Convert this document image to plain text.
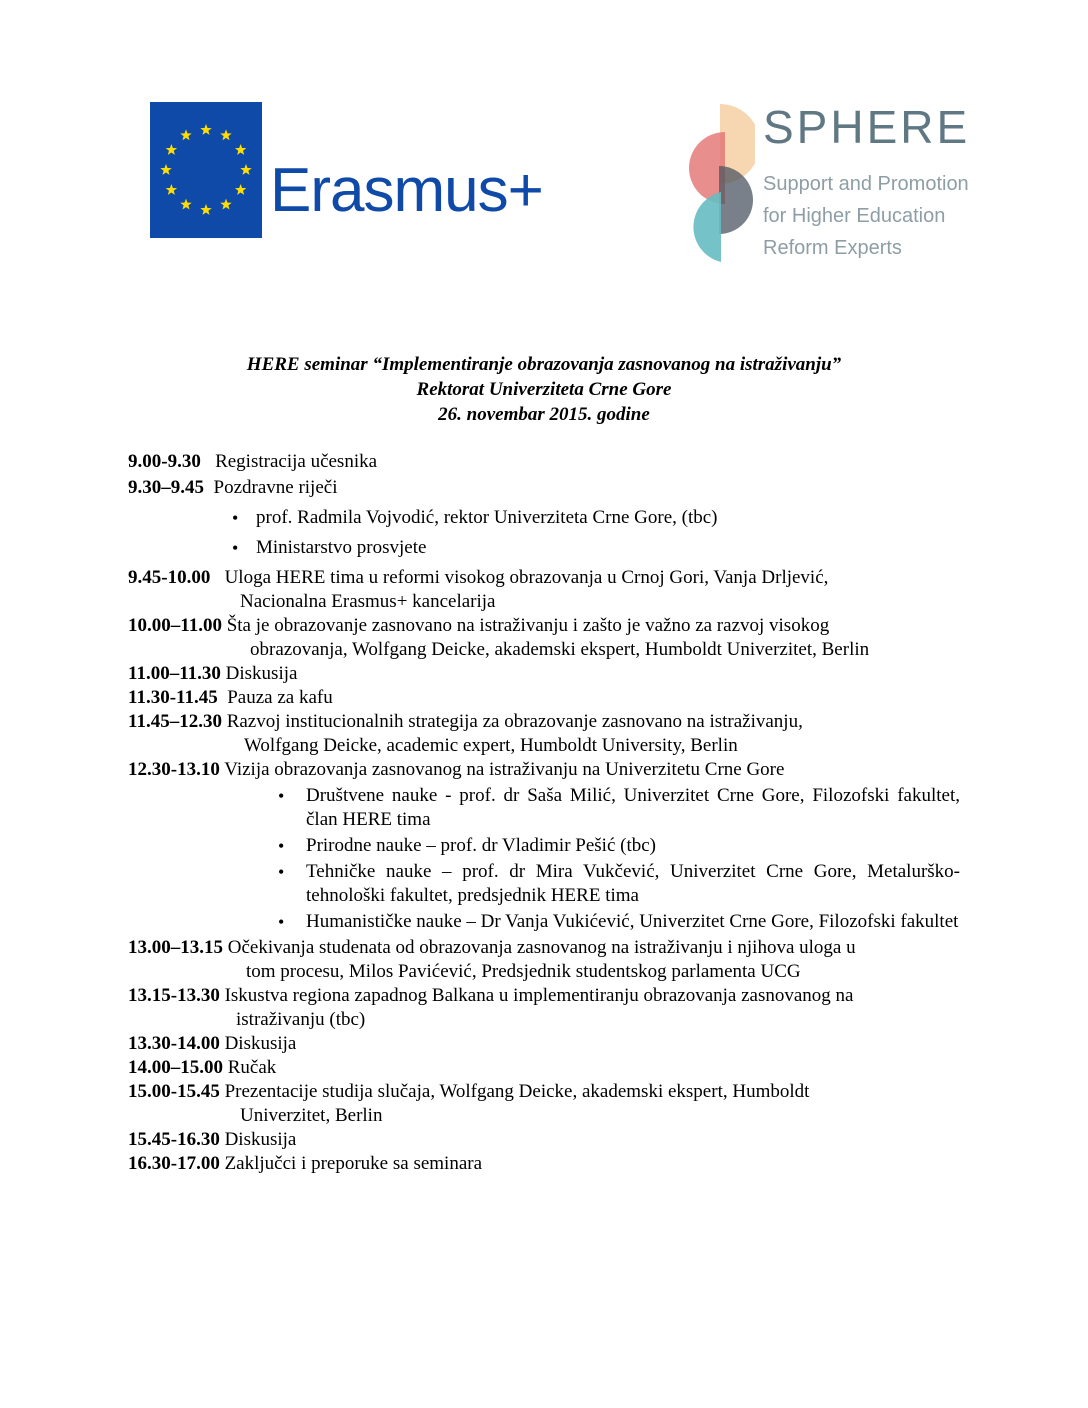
Erasmus+
SPHERE
Support and Promotion
for Higher Education
Reform Experts
HERE seminar “Implementiranje obrazovanja zasnovanog na istraživanju”
Rektorat Univerziteta Crne Gore
26. novembar 2015. godine
9.00-9.30 Registracija učesnika
9.30–9.45 Pozdravne riječi
• prof. Radmila Vojvodić, rektor Univerziteta Crne Gore, (tbc)
• Ministarstvo prosvjete
9.45-10.00 Uloga HERE tima u reformi visokog obrazovanja u Crnoj Gori, Vanja Drljević,
Nacionalna Erasmus+ kancelarija
10.00–11.00 Šta je obrazovanje zasnovano na istraživanju i zašto je važno za razvoj visokog
obrazovanja, Wolfgang Deicke, akademski ekspert, Humboldt Univerzitet, Berlin
11.00–11.30 Diskusija
11.30-11.45 Pauza za kafu
11.45–12.30 Razvoj institucionalnih strategija za obrazovanje zasnovano na istraživanju,
Wolfgang Deicke, academic expert, Humboldt University, Berlin
12.30-13.10 Vizija obrazovanja zasnovanog na istraživanju na Univerzitetu Crne Gore
• Društvene nauke - prof. dr Saša Milić, Univerzitet Crne Gore, Filozofski fakultet, član HERE tima
• Prirodne nauke – prof. dr Vladimir Pešić (tbc)
• Tehničke nauke – prof. dr Mira Vukčević, Univerzitet Crne Gore, Metalurško-tehnološki fakultet, predsjednik HERE tima
• Humanističke nauke – Dr Vanja Vukićević, Univerzitet Crne Gore, Filozofski fakultet
13.00–13.15 Očekivanja studenata od obrazovanja zasnovanog na istraživanju i njihova uloga u
tom procesu, Milos Pavićević, Predsjednik studentskog parlamenta UCG
13.15-13.30 Iskustva regiona zapadnog Balkana u implementiranju obrazovanja zasnovanog na
istraživanju (tbc)
13.30-14.00 Diskusija
14.00–15.00 Ručak
15.00-15.45 Prezentacije studija slučaja, Wolfgang Deicke, akademski ekspert, Humboldt
Univerzitet, Berlin
15.45-16.30 Diskusija
16.30-17.00 Zaključci i preporuke sa seminara
